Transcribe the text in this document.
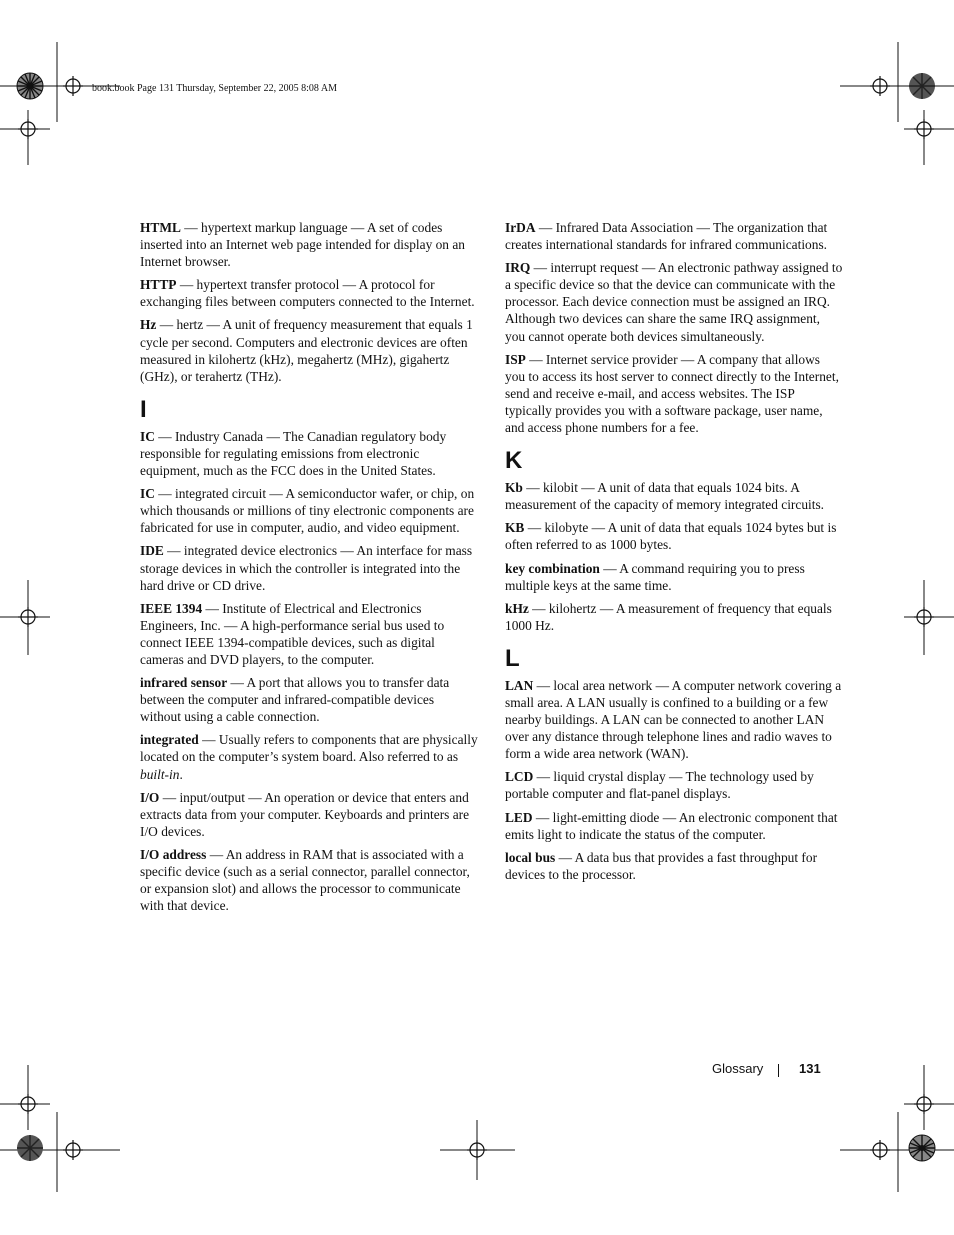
book.book Page 131 Thursday, September 22, 2005 8:08 AM

HTML — hypertext markup language — A set of codes inserted into an Internet web page intended for display on an Internet browser.

HTTP — hypertext transfer protocol — A protocol for exchanging files between computers connected to the Internet.

Hz — hertz — A unit of frequency measurement that equals 1 cycle per second. Computers and electronic devices are often measured in kilohertz (kHz), megahertz (MHz), gigahertz (GHz), or terahertz (THz).

I

IC — Industry Canada — The Canadian regulatory body responsible for regulating emissions from electronic equipment, much as the FCC does in the United States.

IC — integrated circuit — A semiconductor wafer, or chip, on which thousands or millions of tiny electronic components are fabricated for use in computer, audio, and video equipment.

IDE — integrated device electronics — An interface for mass storage devices in which the controller is integrated into the hard drive or CD drive.

IEEE 1394 — Institute of Electrical and Electronics Engineers, Inc. — A high-performance serial bus used to connect IEEE 1394-compatible devices, such as digital cameras and DVD players, to the computer.

infrared sensor — A port that allows you to transfer data between the computer and infrared-compatible devices without using a cable connection.

integrated — Usually refers to components that are physically located on the computer’s system board. Also referred to as built-in.

I/O — input/output — An operation or device that enters and extracts data from your computer. Keyboards and printers are I/O devices.

I/O address — An address in RAM that is associated with a specific device (such as a serial connector, parallel connector, or expansion slot) and allows the processor to communicate with that device.

IrDA — Infrared Data Association — The organization that creates international standards for infrared communications.

IRQ — interrupt request — An electronic pathway assigned to a specific device so that the device can communicate with the processor. Each device connection must be assigned an IRQ. Although two devices can share the same IRQ assignment, you cannot operate both devices simultaneously.

ISP — Internet service provider — A company that allows you to access its host server to connect directly to the Internet, send and receive e-mail, and access websites. The ISP typically provides you with a software package, user name, and access phone numbers for a fee.

K

Kb — kilobit — A unit of data that equals 1024 bits. A measurement of the capacity of memory integrated circuits.

KB — kilobyte — A unit of data that equals 1024 bytes but is often referred to as 1000 bytes.

key combination — A command requiring you to press multiple keys at the same time.

kHz — kilohertz — A measurement of frequency that equals 1000 Hz.

L

LAN — local area network — A computer network covering a small area. A LAN usually is confined to a building or a few nearby buildings. A LAN can be connected to another LAN over any distance through telephone lines and radio waves to form a wide area network (WAN).

LCD — liquid crystal display — The technology used by portable computer and flat-panel displays.

LED — light-emitting diode — An electronic component that emits light to indicate the status of the computer.

local bus — A data bus that provides a fast throughput for devices to the processor.

Glossary	131
